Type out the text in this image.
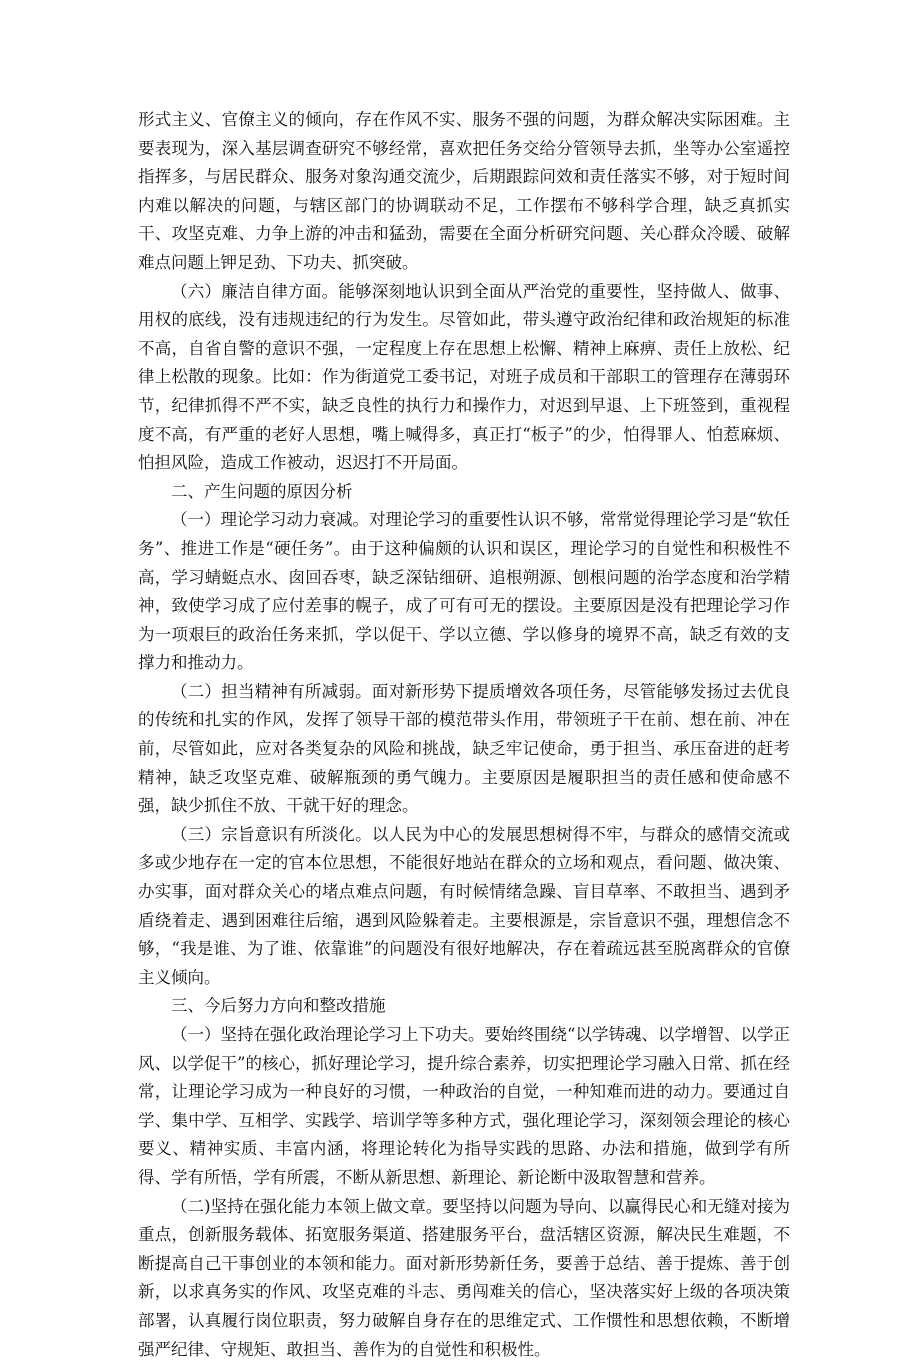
形式主义、官僚主义的倾向，存在作风不实、服务不强的问题，为群众解决实际困难。主要表现为，深入基层调查研究不够经常，喜欢把任务交给分管领导去抓，坐等办公室遥控指挥多，与居民群众、服务对象沟通交流少，后期跟踪问效和责任落实不够，对于短时间内难以解决的问题，与辖区部门的协调联动不足，工作摆布不够科学合理，缺乏真抓实干、攻坚克难、力争上游的冲击和猛劲，需要在全面分析研究问题、关心群众冷暖、破解难点问题上钾足劲、下功夫、抓突破。

（六）廉洁自律方面。能够深刻地认识到全面从严治党的重要性，坚持做人、做事、用权的底线，没有违规违纪的行为发生。尽管如此，带头遵守政治纪律和政治规矩的标准不高，自省自警的意识不强，一定程度上存在思想上松懈、精神上麻痹、责任上放松、纪律上松散的现象。比如：作为街道党工委书记，对班子成员和干部职工的管理存在薄弱环节，纪律抓得不严不实，缺乏良性的执行力和操作力，对迟到早退、上下班签到，重视程度不高，有严重的老好人思想，嘴上喊得多，真正打“板子”的少，怕得罪人、怕惹麻烦、怕担风险，造成工作被动，迟迟打不开局面。

二、产生问题的原因分析

（一）理论学习动力衰减。对理论学习的重要性认识不够，常常觉得理论学习是“软任务”、推进工作是“硬任务”。由于这种偏颇的认识和误区，理论学习的自觉性和积极性不高，学习蜻蜓点水、囱回吞枣，缺乏深钻细研、追根朔源、刨根问题的治学态度和治学精神，致使学习成了应付差事的幌子，成了可有可无的摆设。主要原因是没有把理论学习作为一项艰巨的政治任务来抓，学以促干、学以立德、学以修身的境界不高，缺乏有效的支撑力和推动力。

（二）担当精神有所减弱。面对新形势下提质增效各项任务，尽管能够发扬过去优良的传统和扎实的作风，发挥了领导干部的模范带头作用，带领班子干在前、想在前、冲在前，尽管如此，应对各类复杂的风险和挑战，缺乏牢记使命，勇于担当、承压奋进的赶考精神，缺乏攻坚克难、破解瓶颈的勇气魄力。主要原因是履职担当的责任感和使命感不强，缺少抓住不放、干就干好的理念。

（三）宗旨意识有所淡化。以人民为中心的发展思想树得不牢，与群众的感情交流或多或少地存在一定的官本位思想，不能很好地站在群众的立场和观点，看问题、做决策、办实事，面对群众关心的堵点难点问题，有时候情绪急躁、盲目草率、不敢担当、遇到矛盾绕着走、遇到困难往后缩，遇到风险躲着走。主要根源是，宗旨意识不强，理想信念不够，“我是谁、为了谁、依靠谁”的问题没有很好地解决，存在着疏远甚至脱离群众的官僚主义倾向。

三、今后努力方向和整改措施

（一）坚持在强化政治理论学习上下功夫。要始终围绕“以学铸魂、以学增智、以学正风、以学促干”的核心，抓好理论学习，提升综合素养，切实把理论学习融入日常、抓在经常，让理论学习成为一种良好的习惯，一种政治的自觉，一种知难而进的动力。要通过自学、集中学、互相学、实践学、培训学等多种方式，强化理论学习，深刻领会理论的核心要义、精神实质、丰富内涵，将理论转化为指导实践的思路、办法和措施，做到学有所得、学有所悟，学有所震，不断从新思想、新理论、新论断中汲取智慧和营养。

（二)坚持在强化能力本领上做文章。要坚持以问题为导向、以赢得民心和无缝对接为重点，创新服务载体、拓宽服务渠道、搭建服务平台，盘活辖区资源，解决民生难题，不断提高自己干事创业的本领和能力。面对新形势新任务，要善于总结、善于提炼、善于创新，以求真务实的作风、攻坚克难的斗志、勇闯难关的信心，坚决落实好上级的各项决策部署，认真履行岗位职责，努力破解自身存在的思维定式、工作惯性和思想依赖，不断增强严纪律、守规矩、敢担当、善作为的自觉性和积极性。
